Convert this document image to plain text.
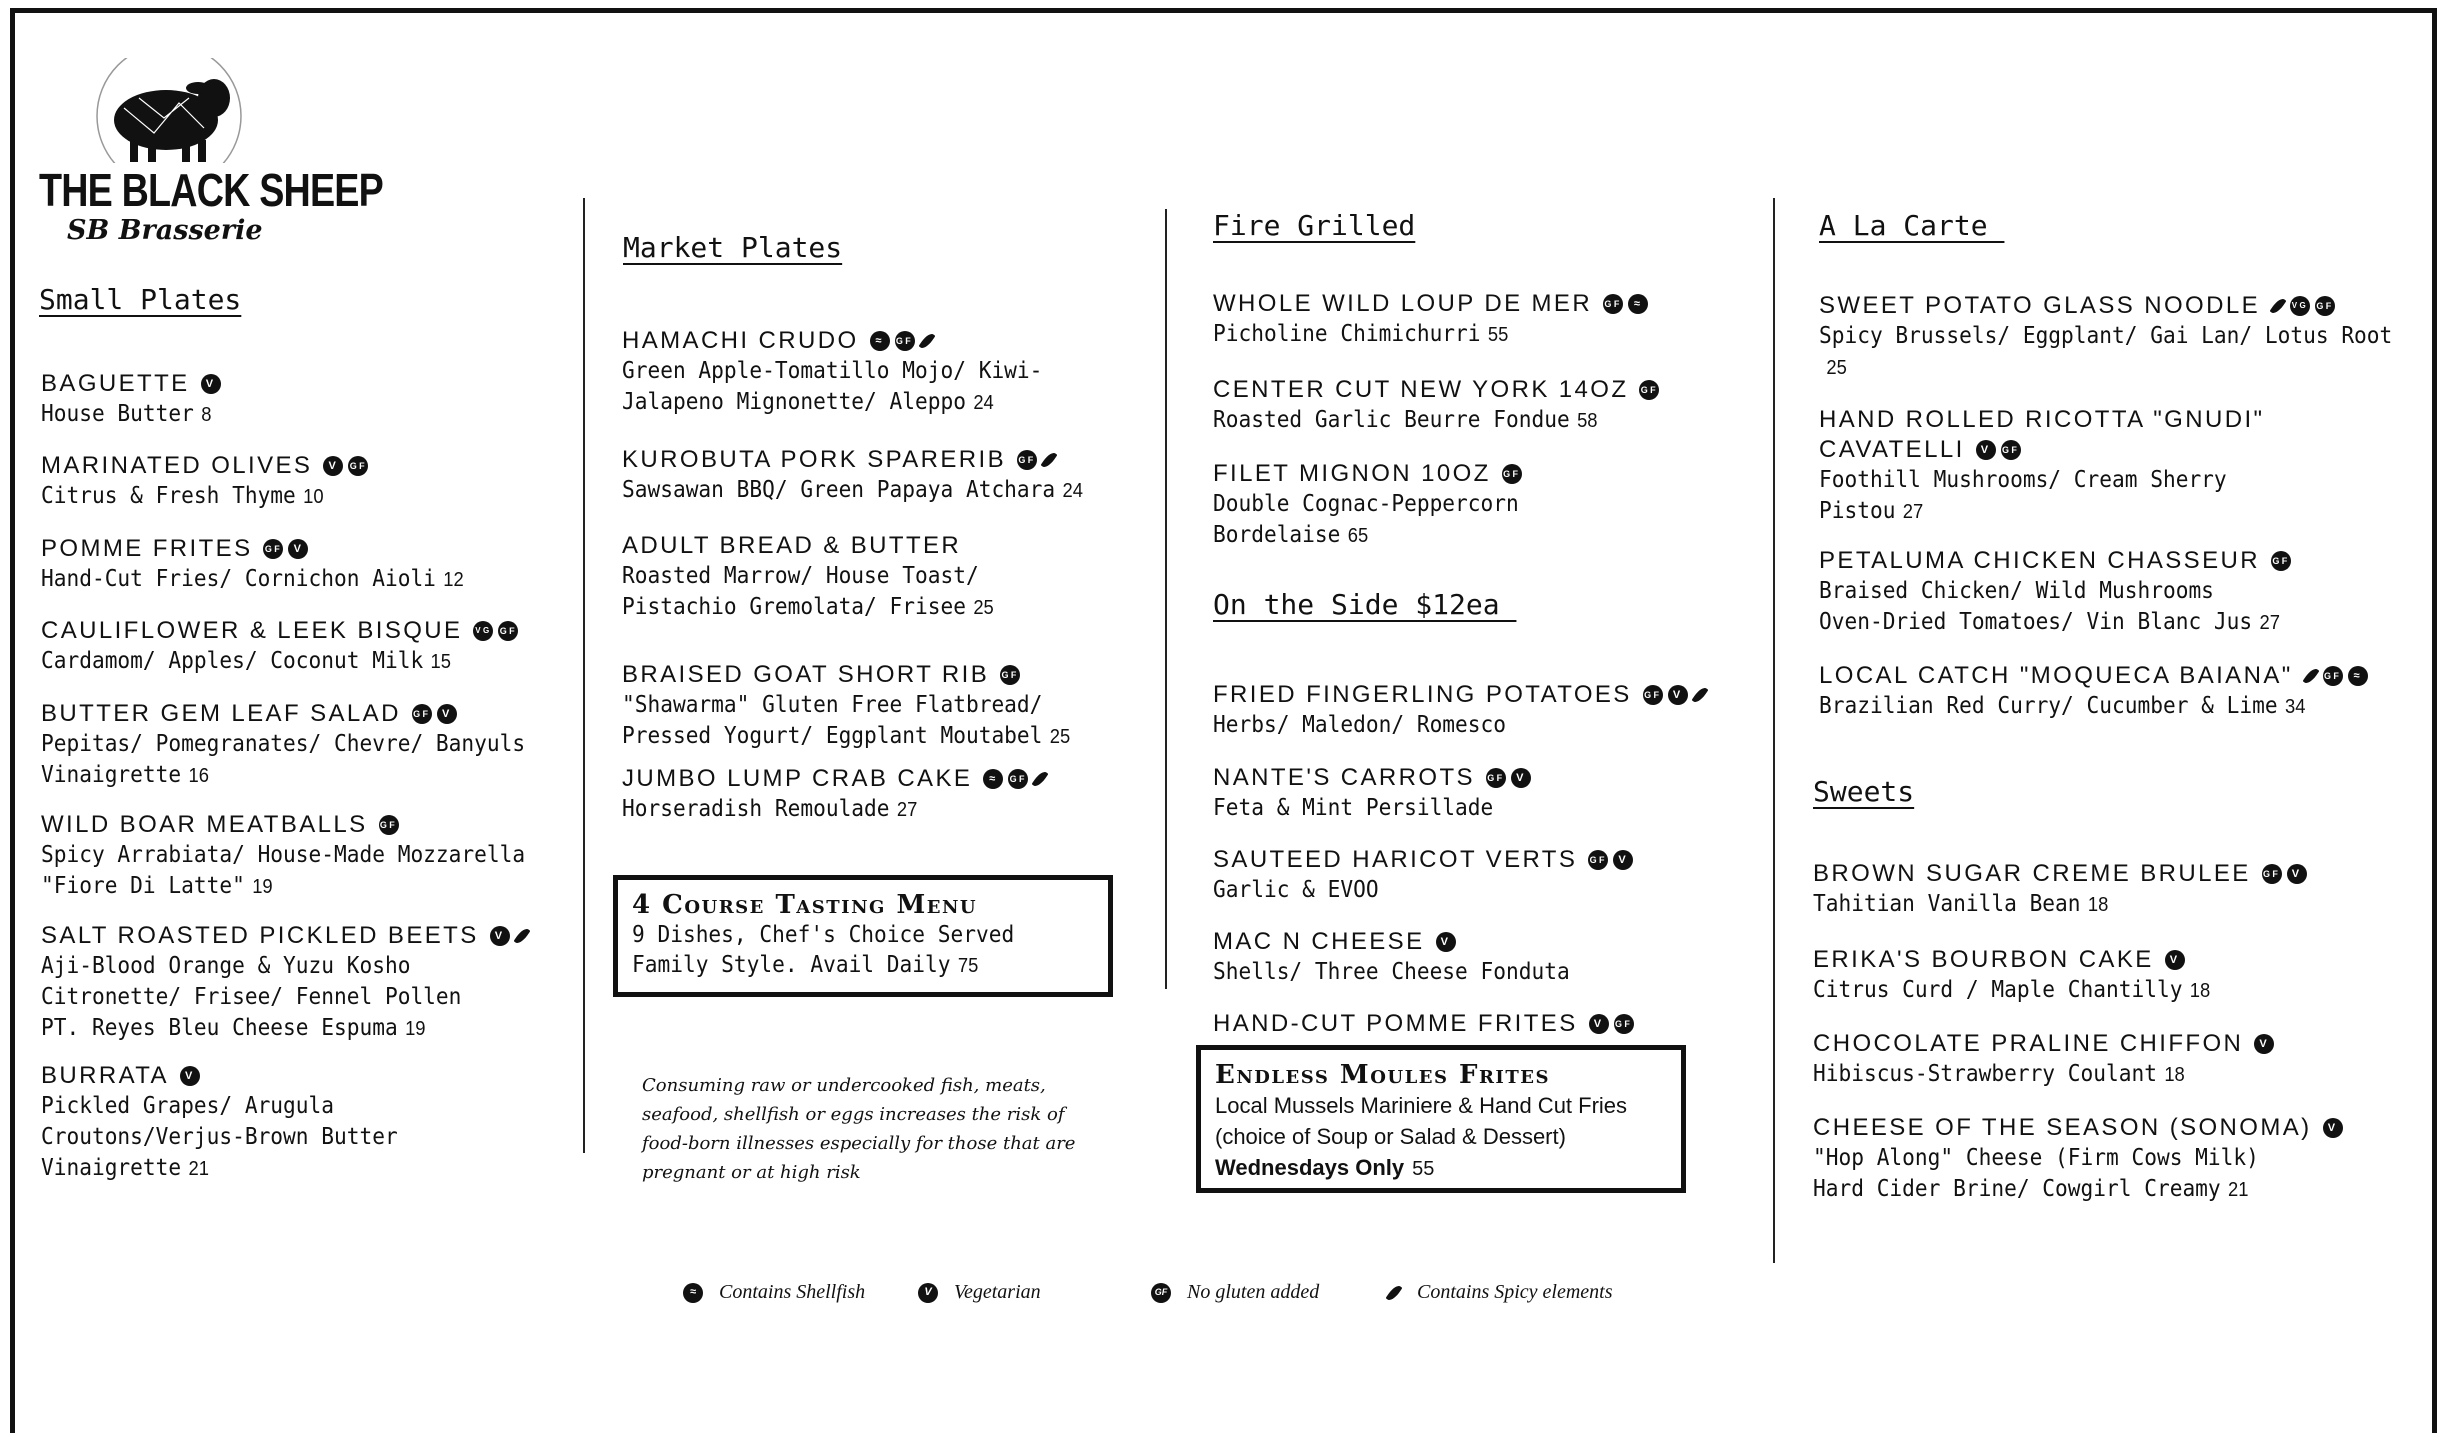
THE BLACK SHEEP
SB Brasserie
Small Plates
Market Plates
Fire Grilled
On the Side $12ea
A La Carte
Sweets
BAGUETTE	V
House Butter 8
MARINATED OLIVES	V	GF
Citrus & Fresh Thyme 10
POMME FRITES GF	V
Hand-Cut Fries/ Cornichon Aioli 12
CAULIFLOWER & LEEK BISQUE VG GF
Cardamom/ Apples/ Coconut Milk 15
BUTTER GEM LEAF SALAD GF	V
Pepitas/ Pomegranates/ Chevre/ Banyuls
Vinaigrette 16
WILD BOAR MEATBALLS GF
Spicy Arrabiata/ House-Made Mozzarella
"Fiore Di Latte" 19
SALT ROASTED PICKLED BEETS	V
Aji-Blood Orange & Yuzu Kosho
Citronette/ Frisee/ Fennel Pollen
PT. Reyes Bleu Cheese Espuma 19
BURRATA	V
Pickled Grapes/ Arugula
Croutons/Verjus-Brown Butter
Vinaigrette 21
HAMACHI CRUDO	≈	GF
Green Apple-Tomatillo Mojo/ Kiwi-
Jalapeno Mignonette/ Aleppo 24
KUROBUTA PORK SPARERIB GF
Sawsawan BBQ/ Green Papaya Atchara 24
ADULT BREAD & BUTTER
Roasted Marrow/ House Toast/
Pistachio Gremolata/ Frisee 25
BRAISED GOAT SHORT RIB GF
"Shawarma" Gluten Free Flatbread/
Pressed Yogurt/ Eggplant Moutabel 25
JUMBO LUMP CRAB CAKE	≈	GF
Horseradish Remoulade 27
WHOLE WILD LOUP DE MER GF	≈
Picholine Chimichurri 55
CENTER CUT NEW YORK 14OZ GF
Roasted Garlic Beurre Fondue 58
FILET MIGNON 10OZ GF
Double Cognac-Peppercorn
Bordelaise 65
FRIED FINGERLING POTATOES GF	V
Herbs/ Maledon/ Romesco
NANTE'S CARROTS GF	V
Feta & Mint Persillade
SAUTEED HARICOT VERTS GF	V
Garlic & EVOO
MAC N CHEESE	V
Shells/ Three Cheese Fonduta
HAND-CUT POMME FRITES	V	GF
SWEET POTATO GLASS NOODLE	VG GF
Spicy Brussels/ Eggplant/ Gai Lan/ Lotus Root
25
HAND ROLLED RICOTTA "GNUDI"
CAVATELLI	V	GF
Foothill Mushrooms/ Cream Sherry
Pistou 27
PETALUMA CHICKEN CHASSEUR GF
Braised Chicken/ Wild Mushrooms
Oven-Dried Tomatoes/ Vin Blanc Jus 27
LOCAL CATCH "MOQUECA BAIANA"	GF	≈
Brazilian Red Curry/ Cucumber & Lime 34
BROWN SUGAR CREME BRULEE GF	V
Tahitian Vanilla Bean 18
ERIKA'S BOURBON CAKE	V
Citrus Curd / Maple Chantilly 18
CHOCOLATE PRALINE CHIFFON	V
Hibiscus-Strawberry Coulant 18
CHEESE OF THE SEASON (SONOMA)	V
"Hop Along" Cheese (Firm Cows Milk)
Hard Cider Brine/ Cowgirl Creamy 21
4 Course Tasting Menu
9 Dishes, Chef's Choice Served
Family Style. Avail Daily 75
Endless Moules Frites
Local Mussels Mariniere & Hand Cut Fries
(choice of Soup or Salad & Dessert)
Wednesdays Only 55
Consuming raw or undercooked fish, meats, seafood, shellfish or eggs increases the risk of food-born illnesses especially for those that are pregnant or at high risk
≈	Contains Shellfish	V	Vegetarian	GF No gluten added	Contains Spicy elements
